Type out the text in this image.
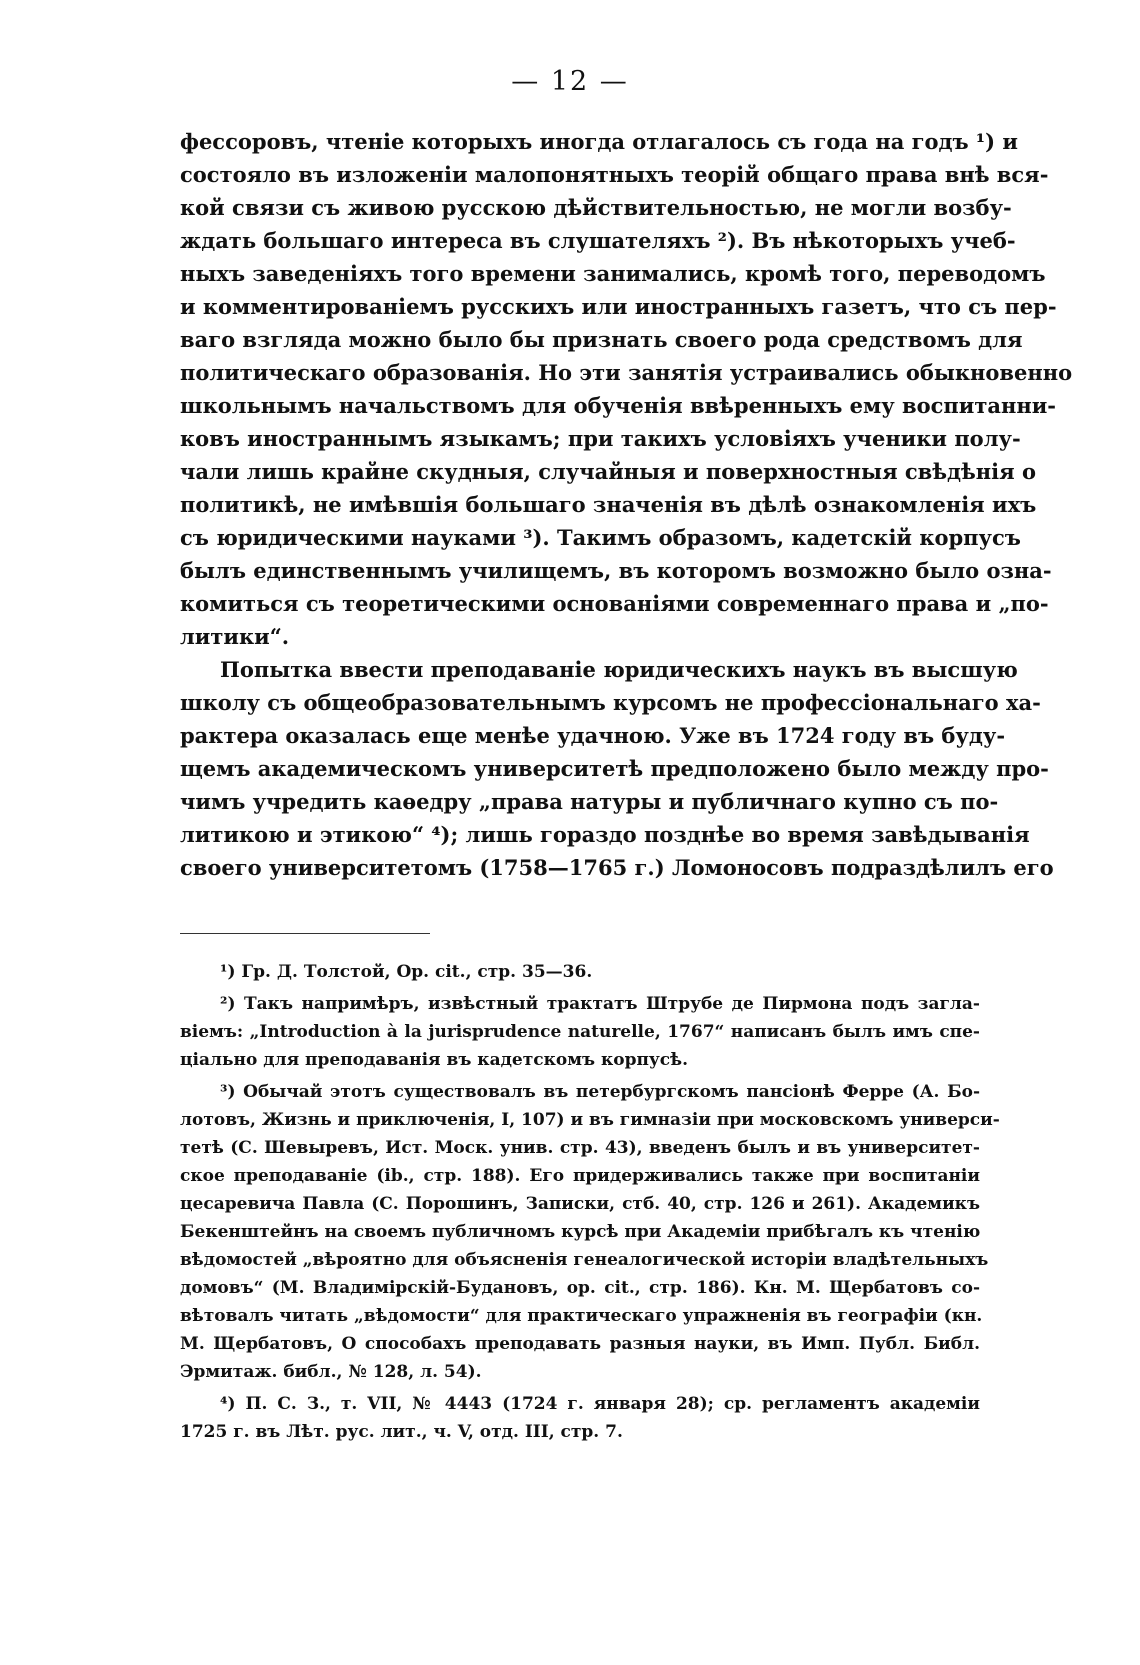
— 12 —
фессоровъ, чтеніе которыхъ иногда отлагалось съ года на годъ ¹) и
состояло въ изложеніи малопонятныхъ теорій общаго права внѣ вся-
кой связи съ живою русскою дѣйствительностью, не могли возбу-
ждать большаго интереса въ слушателяхъ ²). Въ нѣкоторыхъ учеб-
ныхъ заведеніяхъ того времени занимались, кромѣ того, переводомъ
и комментированіемъ русскихъ или иностранныхъ газетъ, что съ пер-
ваго взгляда можно было бы признать своего рода средствомъ для
политическаго образованія. Но эти занятія устраивались обыкновенно
школьнымъ начальствомъ для обученія ввѣренныхъ ему воспитанни-
ковъ иностраннымъ языкамъ; при такихъ условіяхъ ученики полу-
чали лишь крайне скудныя, случайныя и поверхностныя свѣдѣнія о
политикѣ, не имѣвшія большаго значенія въ дѣлѣ ознакомленія ихъ
съ юридическими науками ³). Такимъ образомъ, кадетскій корпусъ
былъ единственнымъ училищемъ, въ которомъ возможно было озна-
комиться съ теоретическими основаніями современнаго права и „по-
литики“.
Попытка ввести преподаваніе юридическихъ наукъ въ высшую
школу съ общеобразовательнымъ курсомъ не профессіональнаго ха-
рактера оказалась еще менѣе удачною. Уже въ 1724 году въ буду-
щемъ академическомъ университетѣ предположено было между про-
чимъ учредить каѳедру „права натуры и публичнаго купно съ по-
литикою и этикою“ ⁴); лишь гораздо позднѣе во время завѣдыванія
своего университетомъ (1758—1765 г.) Ломоносовъ подраздѣлилъ его
¹) Гр. Д. Толстой, Op. cit., стр. 35—36.
²) Такъ напримѣръ, извѣстный трактатъ Штрубе де Пирмона подъ загла-
віемъ: „Introduction à la jurisprudence naturelle, 1767“ написанъ былъ имъ спе-
ціально для преподаванія въ кадетскомъ корпусѣ.
³) Обычай этотъ существовалъ въ петербургскомъ пансіонѣ Ферре (А. Бо-
лотовъ, Жизнь и приключенія, I, 107) и въ гимназіи при московскомъ универси-
тетѣ (С. Шевыревъ, Ист. Моск. унив. стр. 43), введенъ былъ и въ университет-
ское преподаваніе (ib., стр. 188). Его придерживались также при воспитаніи
цесаревича Павла (С. Порошинъ, Записки, стб. 40, стр. 126 и 261). Академикъ
Бекенштейнъ на своемъ публичномъ курсѣ при Академіи прибѣгалъ къ чтенію
вѣдомостей „вѣроятно для объясненія генеалогической исторіи владѣтельныхъ
домовъ“ (М. Владимірскій-Будановъ, op. cit., стр. 186). Кн. М. Щербатовъ со-
вѣтовалъ читать „вѣдомости“ для практическаго упражненія въ географіи (кн.
М. Щербатовъ, О способахъ преподавать разныя науки, въ Имп. Публ. Библ.
Эрмитаж. библ., № 128, л. 54).
⁴) П. С. З., т. VII, № 4443 (1724 г. января 28); ср. регламентъ академіи
1725 г. въ Лѣт. рус. лит., ч. V, отд. III, стр. 7.
